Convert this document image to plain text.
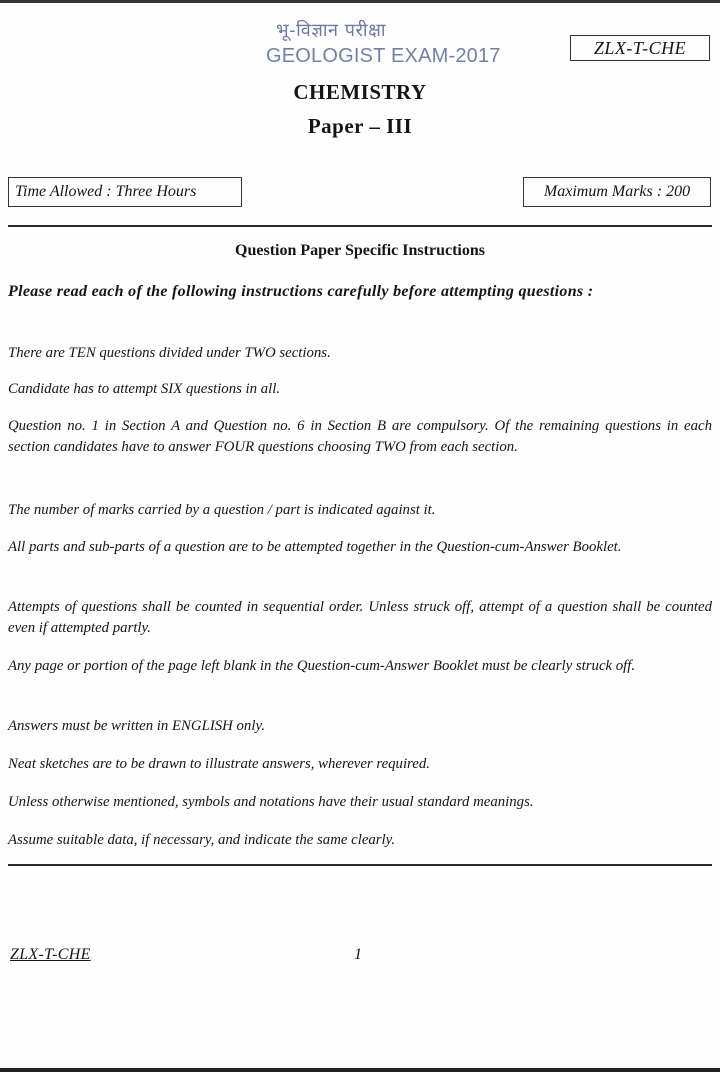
भू-विज्ञान परीक्षा
GEOLOGIST EXAM-2017	ZLX-T-CHE
CHEMISTRY
Paper – III
Time Allowed : Three Hours	Maximum Marks : 200
Question Paper Specific Instructions
Please read each of the following instructions carefully before attempting questions :
There are TEN questions divided under TWO sections.
Candidate has to attempt SIX questions in all.
Question no. 1 in Section A and Question no. 6 in Section B are compulsory. Of the remaining questions in each section candidates have to answer FOUR questions choosing TWO from each section.
The number of marks carried by a question / part is indicated against it.
All parts and sub-parts of a question are to be attempted together in the Question-cum-Answer Booklet.
Attempts of questions shall be counted in sequential order. Unless struck off, attempt of a question shall be counted even if attempted partly.
Any page or portion of the page left blank in the Question-cum-Answer Booklet must be clearly struck off.
Answers must be written in ENGLISH only.
Neat sketches are to be drawn to illustrate answers, wherever required.
Unless otherwise mentioned, symbols and notations have their usual standard meanings.
Assume suitable data, if necessary, and indicate the same clearly.
ZLX-T-CHE	1
